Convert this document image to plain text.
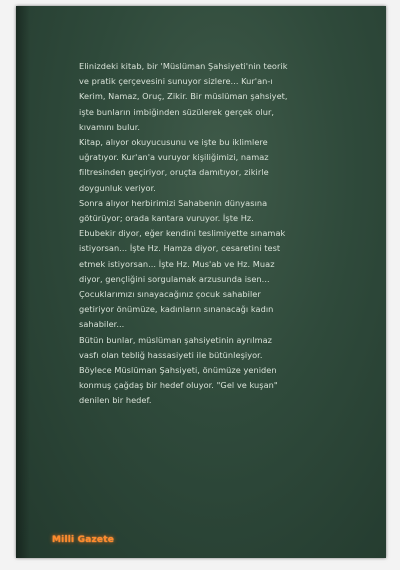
Elinizdeki kitab, bir 'Müslüman Şahsiyeti'nin teorik

ve pratik çerçevesini sunuyor sizlere... Kur'an-ı

Kerim, Namaz, Oruç, Zikir. Bir müslüman şahsiyet,

işte bunların imbiğinden süzülerek gerçek olur,

kıvamını bulur.

Kitap, alıyor okuyucusunu ve işte bu iklimlere

uğratıyor. Kur'an'a vuruyor kişiliğimizi, namaz

filtresinden geçiriyor, oruçta damıtıyor, zikirle

doygunluk veriyor.

Sonra alıyor herbirimizi Sahabenin dünyasına

götürüyor; orada kantara vuruyor. İşte Hz.

Ebubekir diyor, eğer kendini teslimiyette sınamak

istiyorsan... İşte Hz. Hamza diyor, cesaretini test

etmek istiyorsan... İşte Hz. Mus'ab ve Hz. Muaz

diyor, gençliğini sorgulamak arzusunda isen...

Çocuklarımızı sınayacağınız çocuk sahabiler

getiriyor önümüze, kadınların sınanacağı kadın

sahabiler...

Bütün bunlar, müslüman şahsiyetinin ayrılmaz

vasfı olan tebliğ hassasiyeti ile bütünleşiyor.

Böylece Müslüman Şahsiyeti, önümüze yeniden

konmuş çağdaş bir hedef oluyor. "Gel ve kuşan"

denilen bir hedef.

Milli Gazete
